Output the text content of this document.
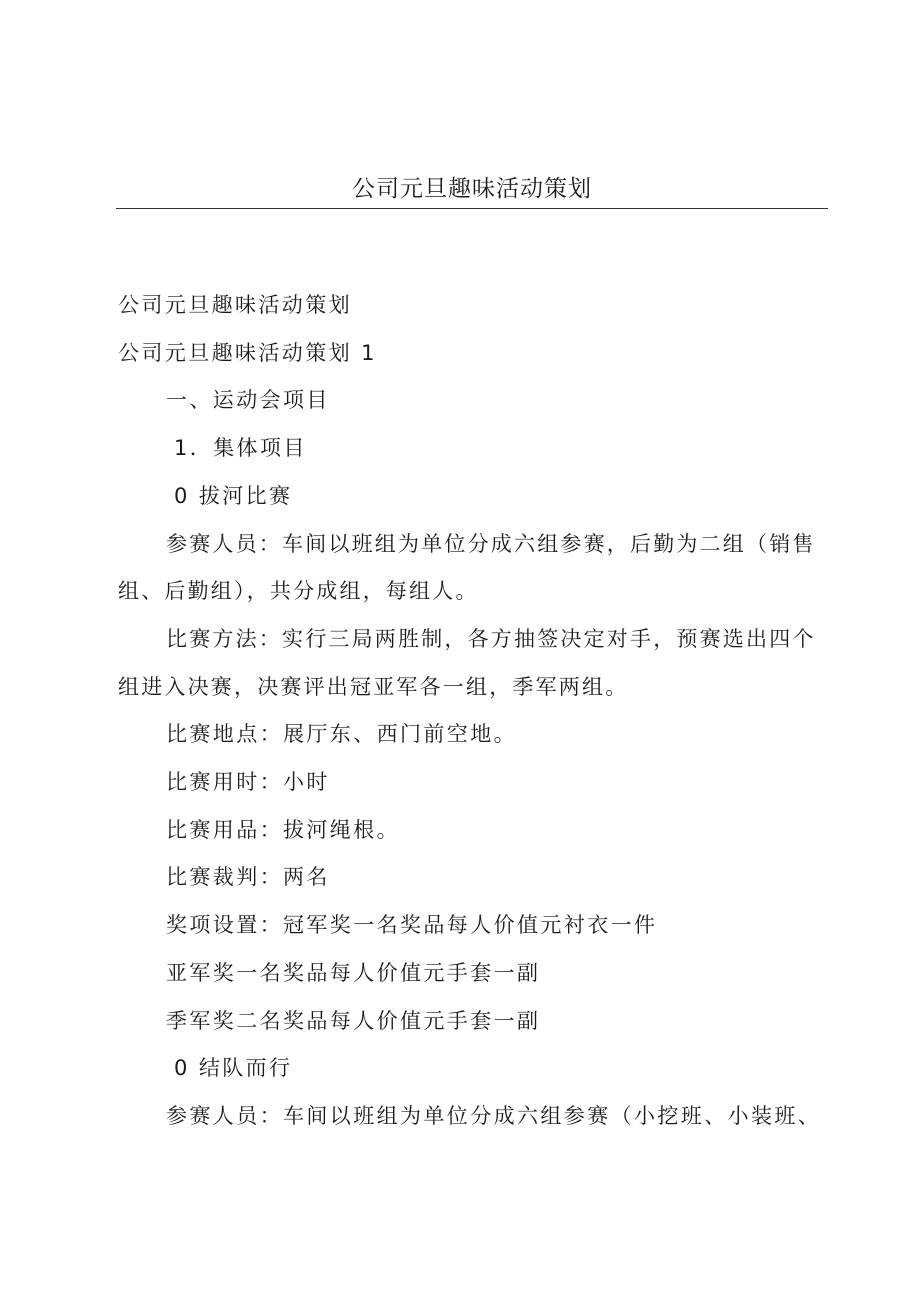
公司元旦趣味活动策划

公司元旦趣味活动策划

公司元旦趣味活动策划 1

一、运动会项目

1．集体项目

0 拔河比赛

参赛人员：车间以班组为单位分成六组参赛，后勤为二组（销售组、后勤组），共分成组，每组人。

比赛方法：实行三局两胜制，各方抽签决定对手，预赛选出四个组进入决赛，决赛评出冠亚军各一组，季军两组。

比赛地点：展厅东、西门前空地。

比赛用时：小时

比赛用品：拔河绳根。

比赛裁判：两名

奖项设置：冠军奖一名奖品每人价值元衬衣一件

亚军奖一名奖品每人价值元手套一副

季军奖二名奖品每人价值元手套一副

0 结队而行

参赛人员：车间以班组为单位分成六组参赛（小挖班、小装班、
